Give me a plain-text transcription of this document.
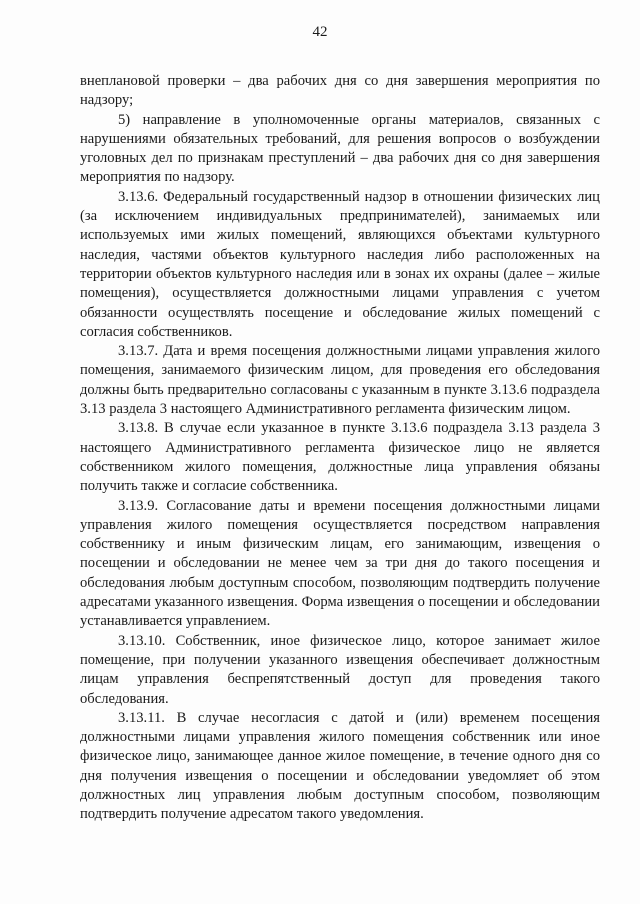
42

внеплановой проверки – два рабочих дня со дня завершения мероприятия по надзору;

5) направление в уполномоченные органы материалов, связанных с нарушениями обязательных требований, для решения вопросов о возбуждении уголовных дел по признакам преступлений – два рабочих дня со дня завершения мероприятия по надзору.

3.13.6. Федеральный государственный надзор в отношении физических лиц (за исключением индивидуальных предпринимателей), занимаемых или используемых ими жилых помещений, являющихся объектами культурного наследия, частями объектов культурного наследия либо расположенных на территории объектов культурного наследия или в зонах их охраны (далее – жилые помещения), осуществляется должностными лицами управления с учетом обязанности осуществлять посещение и обследование жилых помещений с согласия собственников.

3.13.7. Дата и время посещения должностными лицами управления жилого помещения, занимаемого физическим лицом, для проведения его обследования должны быть предварительно согласованы с указанным в пункте 3.13.6 подраздела 3.13 раздела 3 настоящего Административного регламента физическим лицом.

3.13.8. В случае если указанное в пункте 3.13.6 подраздела 3.13 раздела 3 настоящего Административного регламента физическое лицо не является собственником жилого помещения, должностные лица управления обязаны получить также и согласие собственника.

3.13.9. Согласование даты и времени посещения должностными лицами управления жилого помещения осуществляется посредством направления собственнику и иным физическим лицам, его занимающим, извещения о посещении и обследовании не менее чем за три дня до такого посещения и обследования любым доступным способом, позволяющим подтвердить получение адресатами указанного извещения. Форма извещения о посещении и обследовании устанавливается управлением.

3.13.10. Собственник, иное физическое лицо, которое занимает жилое помещение, при получении указанного извещения обеспечивает должностным лицам управления беспрепятственный доступ для проведения такого обследования.

3.13.11. В случае несогласия с датой и (или) временем посещения должностными лицами управления жилого помещения собственник или иное физическое лицо, занимающее данное жилое помещение, в течение одного дня со дня получения извещения о посещении и обследовании уведомляет об этом должностных лиц управления любым доступным способом, позволяющим подтвердить получение адресатом такого уведомления.
